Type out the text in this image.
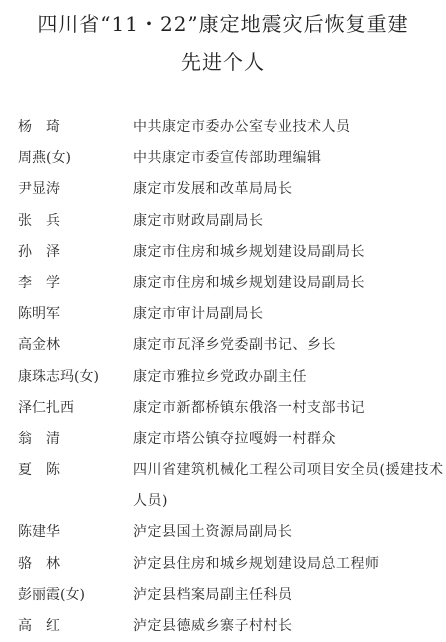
四川省“11・22”康定地震灾后恢复重建
先进个人
杨　琦	中共康定市委办公室专业技术人员
周燕(女)	中共康定市委宣传部助理编辑
尹显涛	康定市发展和改革局局长
张　兵	康定市财政局副局长
孙　泽	康定市住房和城乡规划建设局副局长
李　学	康定市住房和城乡规划建设局副局长
陈明军	康定市审计局副局长
高金林	康定市瓦泽乡党委副书记、乡长
康珠志玛(女) 康定市雅拉乡党政办副主任
泽仁扎西	康定市新都桥镇东俄洛一村支部书记
翁　清	康定市塔公镇夺拉嘎姆一村群众
夏　陈	四川省建筑机械化工程公司项目安全员(援建技术人员)
陈建华	泸定县国土资源局副局长
骆　林	泸定县住房和城乡规划建设局总工程师
彭丽霞(女)	泸定县档案局副主任科员
高　红	泸定县德威乡寨子村村长
